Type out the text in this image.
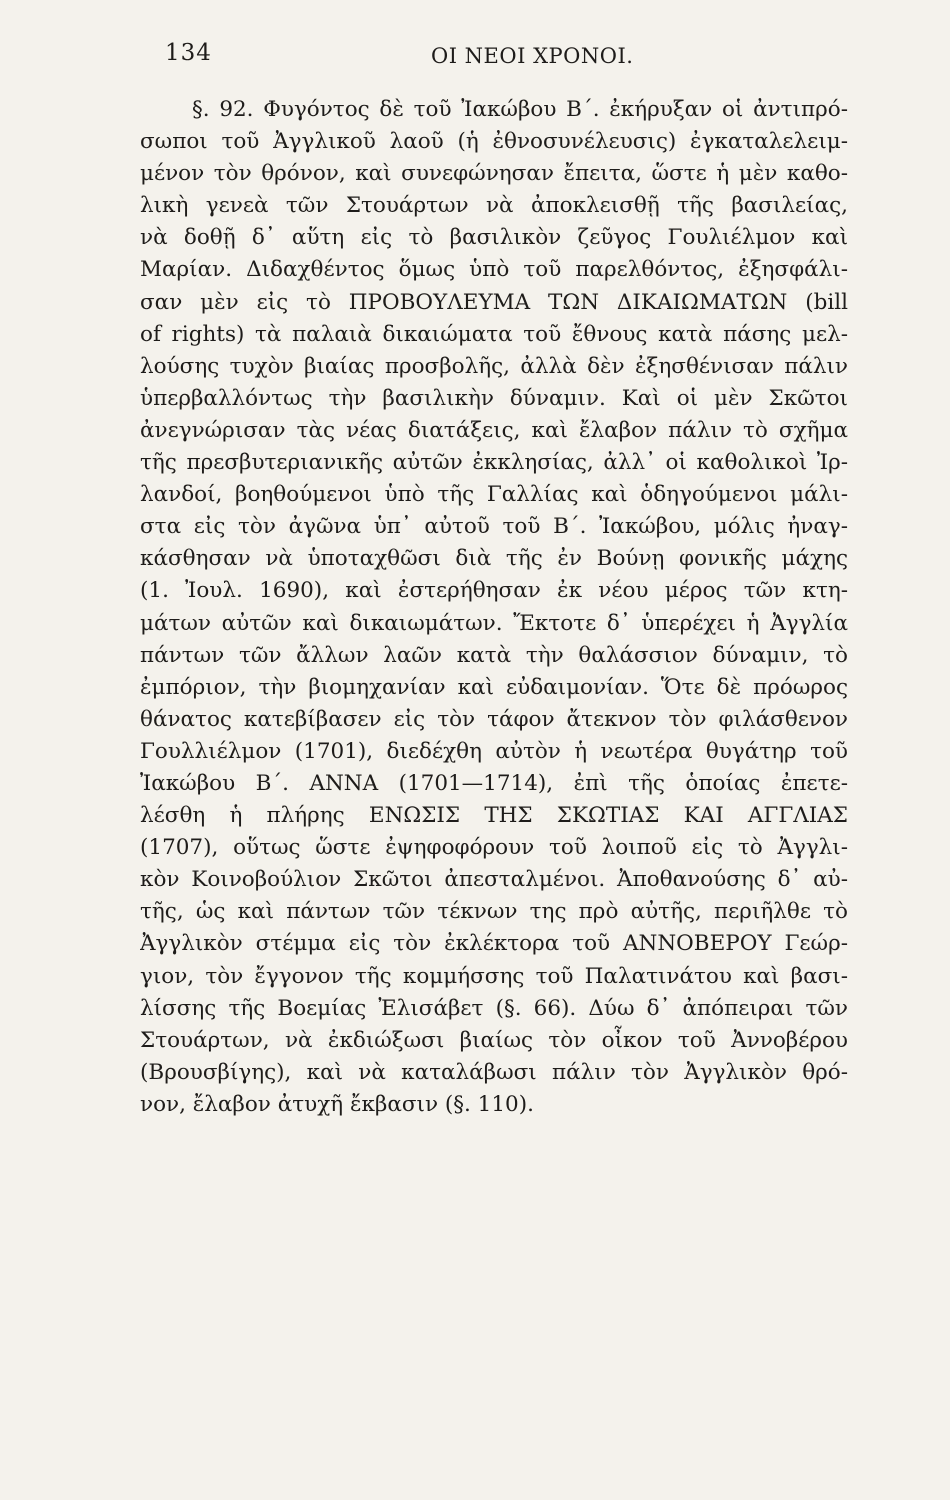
134	ΟΙ ΝΕΟΙ ΧΡΟΝΟΙ.
§. 92. Φυγόντος δὲ τοῦ Ἰακώβου Β΄. ἐκήρυξαν οἱ ἀντιπρό-
σωποι τοῦ Ἀγγλικοῦ λαοῦ (ἡ ἐθνοσυνέλευσις) ἐγκαταλελειμ-
μένον τὸν θρόνον, καὶ συνεφώνησαν ἔπειτα, ὥστε ἡ μὲν καθο-
λικὴ γενεὰ τῶν Στουάρτων νὰ ἀποκλεισθῇ τῆς βασιλείας,
νὰ δοθῇ δ᾽ αὕτη εἰς τὸ βασιλικὸν ζεῦγος Γουλιέλμον καὶ
Μαρίαν. Διδαχθέντος ὅμως ὑπὸ τοῦ παρελθόντος, ἐξησφάλι-
σαν μὲν εἰς τὸ ΠΡΟΒΟΥΛΕΥΜΑ ΤΩΝ ΔΙΚΑΙΩΜΑΤΩΝ (bill
of rights) τὰ παλαιὰ δικαιώματα τοῦ ἔθνους κατὰ πάσης μελ-
λούσης τυχὸν βιαίας προσβολῆς, ἀλλὰ δὲν ἐξησθένισαν πάλιν
ὑπερβαλλόντως τὴν βασιλικὴν δύναμιν. Καὶ οἱ μὲν Σκῶτοι
ἀνεγνώρισαν τὰς νέας διατάξεις, καὶ ἔλαβον πάλιν τὸ σχῆμα
τῆς πρεσβυτεριανικῆς αὐτῶν ἐκκλησίας, ἀλλ᾽ οἱ καθολικοὶ Ἰρ-
λανδοί, βοηθούμενοι ὑπὸ τῆς Γαλλίας καὶ ὁδηγούμενοι μάλι-
στα εἰς τὸν ἀγῶνα ὑπ᾽ αὐτοῦ τοῦ Β΄. Ἰακώβου, μόλις ἠναγ-
κάσθησαν νὰ ὑποταχθῶσι διὰ τῆς ἐν Βούνῃ φονικῆς μάχης
(1. Ἰουλ. 1690), καὶ ἐστερήθησαν ἐκ νέου μέρος τῶν κτη-
μάτων αὐτῶν καὶ δικαιωμάτων. Ἔκτοτε δ᾽ ὑπερέχει ἡ Ἀγγλία
πάντων τῶν ἄλλων λαῶν κατὰ τὴν θαλάσσιον δύναμιν, τὸ
ἐμπόριον, τὴν βιομηχανίαν καὶ εὐδαιμονίαν. Ὅτε δὲ πρόωρος
θάνατος κατεβίβασεν εἰς τὸν τάφον ἄτεκνον τὸν φιλάσθενον
Γουλλιέλμον (1701), διεδέχθη αὐτὸν ἡ νεωτέρα θυγάτηρ τοῦ
Ἰακώβου Β΄. ΑΝΝΑ (1701—1714), ἐπὶ τῆς ὁποίας ἐπετε-
λέσθη ἡ πλήρης ΕΝΩΣΙΣ ΤΗΣ ΣΚΩΤΙΑΣ ΚΑΙ ΑΓΓΛΙΑΣ
(1707), οὕτως ὥστε ἐψηφοφόρουν τοῦ λοιποῦ εἰς τὸ Ἀγγλι-
κὸν Κοινοβούλιον Σκῶτοι ἀπεσταλμένοι. Ἀποθανούσης δ᾽ αὐ-
τῆς, ὡς καὶ πάντων τῶν τέκνων της πρὸ αὐτῆς, περιῆλθε τὸ
Ἀγγλικὸν στέμμα εἰς τὸν ἐκλέκτορα τοῦ ΑΝΝΟΒΕΡΟΥ Γεώρ-
γιον, τὸν ἔγγονον τῆς κομμήσσης τοῦ Παλατινάτου καὶ βασι-
λίσσης τῆς Βοεμίας Ἐλισάβετ (§. 66). Δύω δ᾽ ἀπόπειραι τῶν
Στουάρτων, νὰ ἐκδιώξωσι βιαίως τὸν οἶκον τοῦ Ἀννοβέρου
(Βρουσβίγης), καὶ νὰ καταλάβωσι πάλιν τὸν Ἀγγλικὸν θρό-
νον, ἔλαβον ἀτυχῆ ἔκβασιν (§. 110).
